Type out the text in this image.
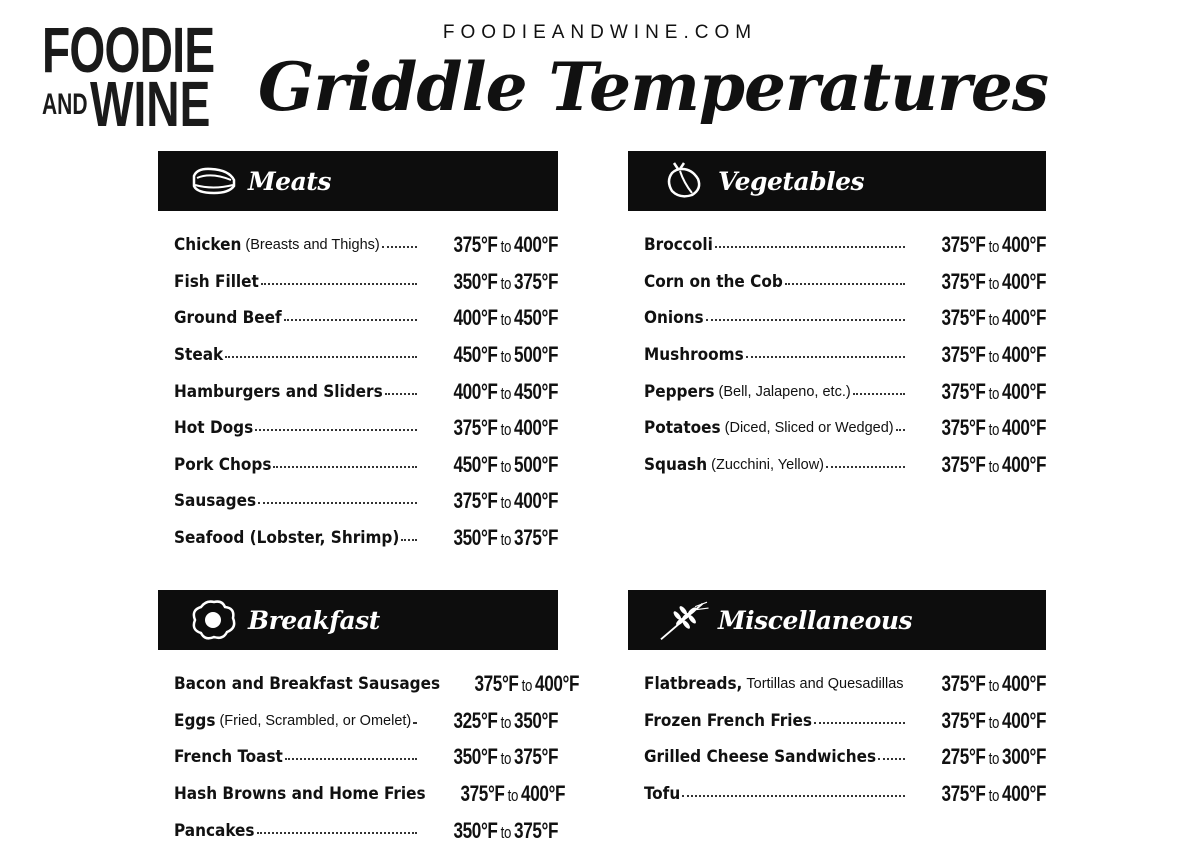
FOODIE
AND WINE
FOODIEANDWINE.COM
Griddle Temperatures
Meats
Chicken (Breasts and Thighs)	375°F to 400°F
Fish Fillet	350°F to 375°F
Ground Beef	400°F to 450°F
Steak	450°F to 500°F
Hamburgers and Sliders	400°F to 450°F
Hot Dogs	375°F to 400°F
Pork Chops	450°F to 500°F
Sausages	375°F to 400°F
Seafood (Lobster, Shrimp)	350°F to 375°F
Vegetables
Broccoli	375°F to 400°F
Corn on the Cob	375°F to 400°F
Onions	375°F to 400°F
Mushrooms	375°F to 400°F
Peppers (Bell, Jalapeno, etc.)	375°F to 400°F
Potatoes (Diced, Sliced or Wedged)	375°F to 400°F
Squash (Zucchini, Yellow)	375°F to 400°F
Breakfast
Bacon and Breakfast Sausages	375°F to 400°F
Eggs (Fried, Scrambled, or Omelet)	325°F to 350°F
French Toast	350°F to 375°F
Hash Browns and Home Fries	375°F to 400°F
Pancakes	350°F to 375°F
Miscellaneous
Flatbreads, Tortillas and Quesadillas	375°F to 400°F
Frozen French Fries	375°F to 400°F
Grilled Cheese Sandwiches	275°F to 300°F
Tofu	375°F to 400°F
